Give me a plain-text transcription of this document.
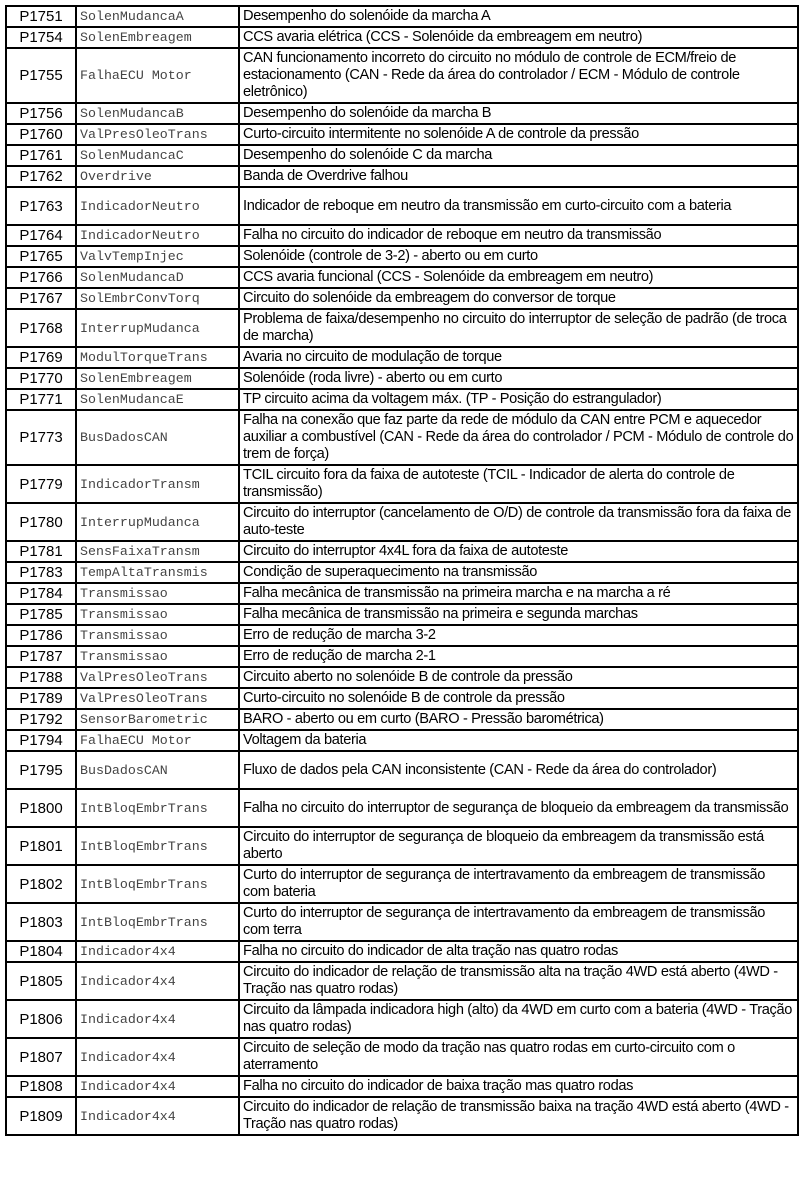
P1751	SolenMudancaA	Desempenho do solenóide da marcha A
P1754	SolenEmbreagem	CCS avaria elétrica (CCS - Solenóide da embreagem em neutro)
P1755	FalhaECU Motor	CAN funcionamento incorreto do circuito no módulo de controle de ECM/freio de estacionamento (CAN - Rede da área do controlador / ECM - Módulo de controle eletrônico)
P1756	SolenMudancaB	Desempenho do solenóide da marcha B
P1760	ValPresOleoTrans	Curto-circuito intermitente no solenóide A de controle da pressão
P1761	SolenMudancaC	Desempenho do solenóide C da marcha
P1762	Overdrive	Banda de Overdrive falhou
P1763	IndicadorNeutro	Indicador de reboque em neutro da transmissão em curto-circuito com a bateria
P1764	IndicadorNeutro	Falha no circuito do indicador de reboque em neutro da transmissão
P1765	ValvTempInjec	Solenóide (controle de 3-2) - aberto ou em curto
P1766	SolenMudancaD	CCS avaria funcional (CCS - Solenóide da embreagem em neutro)
P1767	SolEmbrConvTorq	Circuito do solenóide da embreagem do conversor de torque
P1768	InterrupMudanca	Problema de faixa/desempenho no circuito do interruptor de seleção de padrão (de troca de marcha)
P1769	ModulTorqueTrans	Avaria no circuito de modulação de torque
P1770	SolenEmbreagem	Solenóide (roda livre) - aberto ou em curto
P1771	SolenMudancaE	TP circuito acima da voltagem máx. (TP - Posição do estrangulador)
P1773	BusDadosCAN	Falha na conexão que faz parte da rede de módulo da CAN entre PCM e aquecedor auxiliar a combustível (CAN - Rede da área do controlador / PCM - Módulo de controle do trem de força)
P1779	IndicadorTransm	TCIL circuito fora da faixa de autoteste (TCIL - Indicador de alerta do controle de transmissão)
P1780	InterrupMudanca	Circuito do interruptor (cancelamento de O/D) de controle da transmissão fora da faixa de auto-teste
P1781	SensFaixaTransm	Circuito do interruptor 4x4L fora da faixa de autoteste
P1783	TempAltaTransmis	Condição de superaquecimento na transmissão
P1784	Transmissao	Falha mecânica de transmissão na primeira marcha e na marcha a ré
P1785	Transmissao	Falha mecânica de transmissão na primeira e segunda marchas
P1786	Transmissao	Erro de redução de marcha 3-2
P1787	Transmissao	Erro de redução de marcha 2-1
P1788	ValPresOleoTrans	Circuito aberto no solenóide B de controle da pressão
P1789	ValPresOleoTrans	Curto-circuito no solenóide B de controle da pressão
P1792	SensorBarometric	BARO - aberto ou em curto (BARO - Pressão barométrica)
P1794	FalhaECU Motor	Voltagem da bateria
P1795	BusDadosCAN	Fluxo de dados pela CAN inconsistente (CAN - Rede da área do controlador)
P1800	IntBloqEmbrTrans	Falha no circuito do interruptor de segurança de bloqueio da embreagem da transmissão
P1801	IntBloqEmbrTrans	Circuito do interruptor de segurança de bloqueio da embreagem da transmissão está aberto
P1802	IntBloqEmbrTrans	Curto do interruptor de segurança de intertravamento da embreagem de transmissão com bateria
P1803	IntBloqEmbrTrans	Curto do interruptor de segurança de intertravamento da embreagem de transmissão com terra
P1804	Indicador4x4	Falha no circuito do indicador de alta tração nas quatro rodas
P1805	Indicador4x4	Circuito do indicador de relação de transmissão alta na tração 4WD está aberto (4WD - Tração nas quatro rodas)
P1806	Indicador4x4	Circuito da lâmpada indicadora high (alto) da 4WD em curto com a bateria (4WD - Tração nas quatro rodas)
P1807	Indicador4x4	Circuito de seleção de modo da tração nas quatro rodas em curto-circuito com o aterramento
P1808	Indicador4x4	Falha no circuito do indicador de baixa tração mas quatro rodas
P1809	Indicador4x4	Circuito do indicador de relação de transmissão baixa na tração 4WD está aberto (4WD - Tração nas quatro rodas)
